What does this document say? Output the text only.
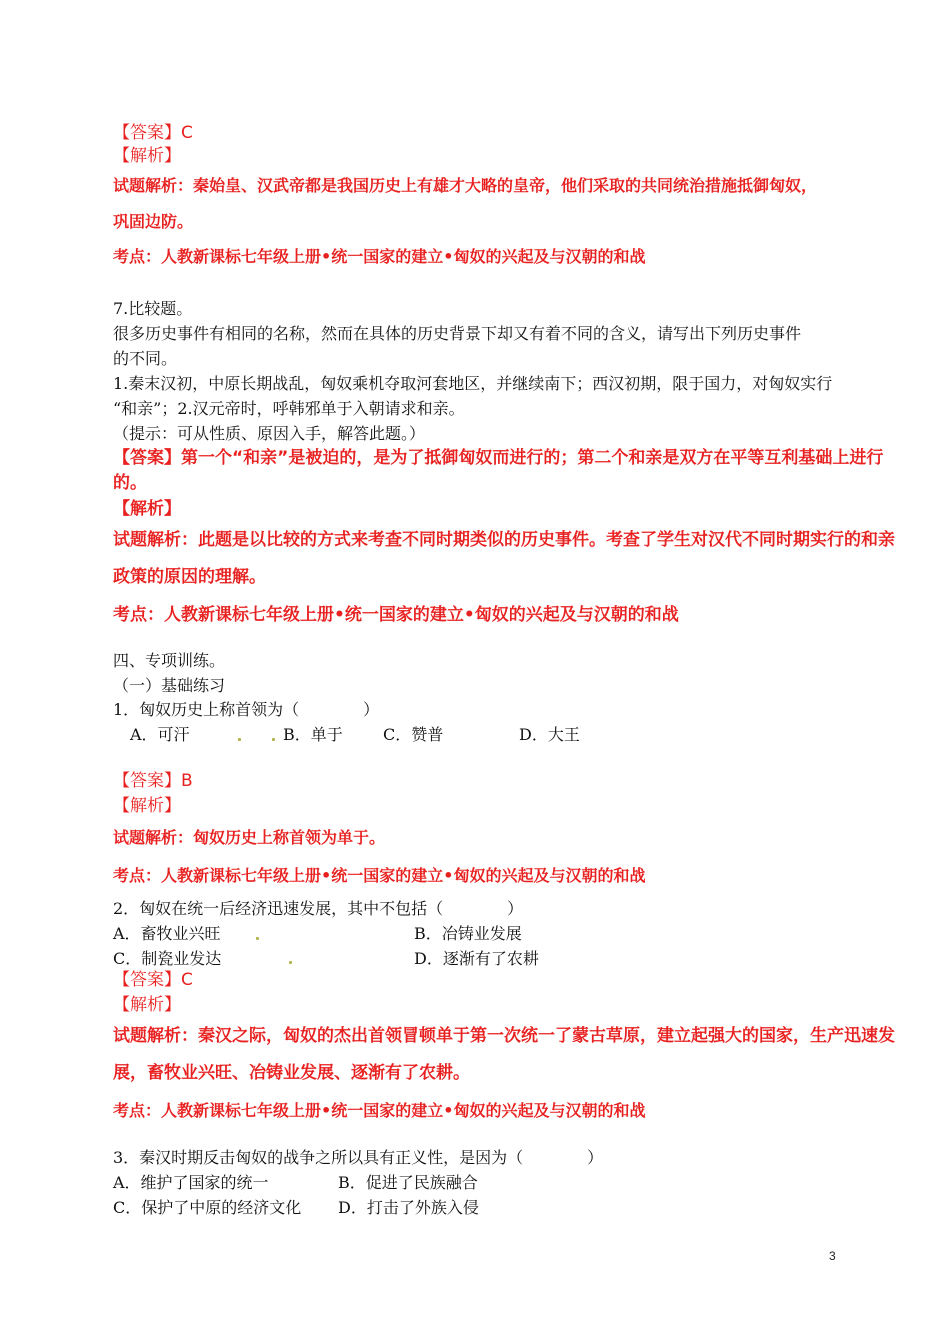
【答案】C
【解析】
试题解析：秦始皇、汉武帝都是我国历史上有雄才大略的皇帝，他们采取的共同统治措施抵御匈奴，
巩固边防。
考点：人教新课标七年级上册•统一国家的建立•匈奴的兴起及与汉朝的和战
7.比较题。
很多历史事件有相同的名称，然而在具体的历史背景下却又有着不同的含义，请写出下列历史事件
的不同。
1.秦末汉初，中原长期战乱，匈奴乘机夺取河套地区，并继续南下；西汉初期，限于国力，对匈奴实行
“和亲”；2.汉元帝时，呼韩邪单于入朝请求和亲。
（提示：可从性质、原因入手，解答此题。）
【答案】第一个“和亲”是被迫的，是为了抵御匈奴而进行的；第二个和亲是双方在平等互利基础上进行
的。
【解析】
试题解析：此题是以比较的方式来考查不同时期类似的历史事件。考查了学生对汉代不同时期实行的和亲
政策的原因的理解。
考点：人教新课标七年级上册•统一国家的建立•匈奴的兴起及与汉朝的和战
四、专项训练。
（一）基础练习
1．匈奴历史上称首领为（　　　　）
A．可汗	B．单于	C．赞普	D．大王
【答案】B
【解析】
试题解析：匈奴历史上称首领为单于。
考点：人教新课标七年级上册•统一国家的建立•匈奴的兴起及与汉朝的和战
2．匈奴在统一后经济迅速发展，其中不包括（　　　　）
A．畜牧业兴旺	B．冶铸业发展
C．制瓷业发达	D．逐渐有了农耕
【答案】C
【解析】
试题解析：秦汉之际，匈奴的杰出首领冒顿单于第一次统一了蒙古草原，建立起强大的国家，生产迅速发
展，畜牧业兴旺、冶铸业发展、逐渐有了农耕。
考点：人教新课标七年级上册•统一国家的建立•匈奴的兴起及与汉朝的和战
3．秦汉时期反击匈奴的战争之所以具有正义性，是因为（　　　　）
A．维护了国家的统一	B．促进了民族融合
C．保护了中原的经济文化 D．打击了外族入侵
3
